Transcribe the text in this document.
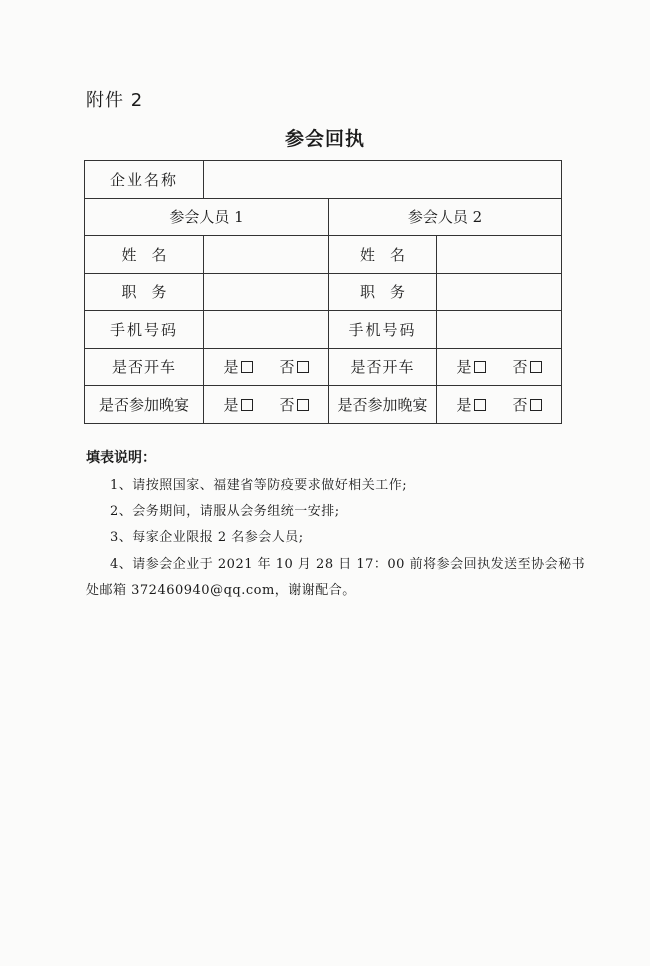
附件 2
参会回执
企业名称			
参会人员 1		参会人员 2	
姓　名		姓　名	
职　务		职　务	
手机号码		手机号码	
是否开车	是 否	是否开车	是 否

是否参加晚宴	是 否	是否参加晚宴	是 否
填表说明：
1、请按照国家、福建省等防疫要求做好相关工作;
2、会务期间，请服从会务组统一安排;
3、每家企业限报 2 名参会人员;
4、请参会企业于 2021 年 10 月 28 日 17：00 前将参会回执发送至协会秘书
处邮箱 372460940@qq.com，谢谢配合。
